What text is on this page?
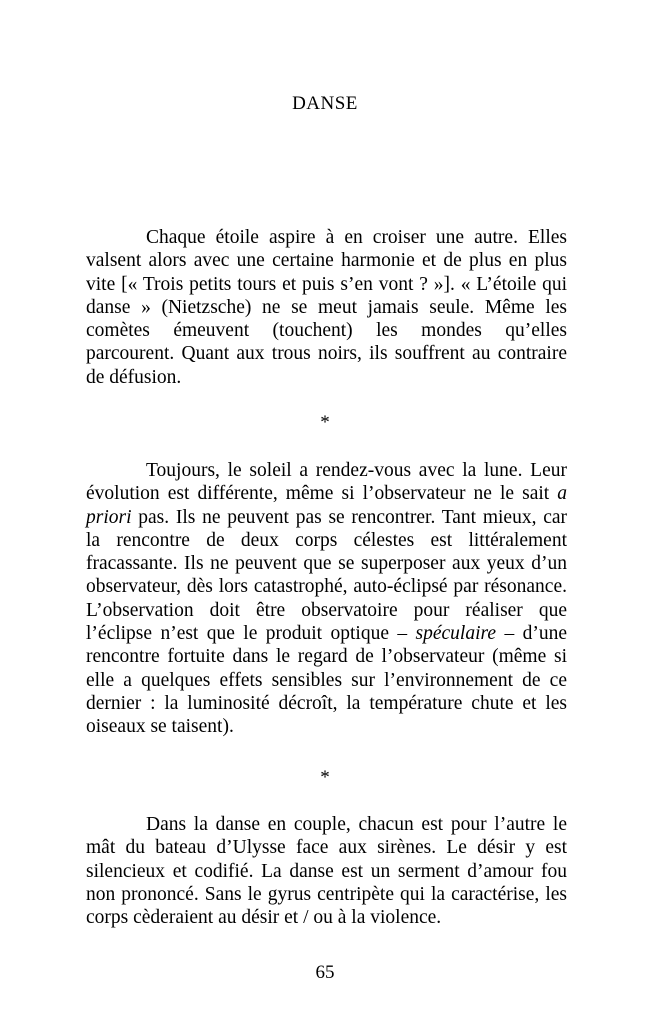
DANSE

Chaque étoile aspire à en croiser une autre. Elles valsent alors avec une certaine harmonie et de plus en plus vite [« Trois petits tours et puis s’en vont ? »]. « L’étoile qui danse » (Nietzsche) ne se meut jamais seule. Même les comètes émeuvent (touchent) les mondes qu’elles parcourent. Quant aux trous noirs, ils souffrent au contraire de défusion.

*

Toujours, le soleil a rendez-vous avec la lune. Leur évolution est différente, même si l’observateur ne le sait a priori pas. Ils ne peuvent pas se rencontrer. Tant mieux, car la rencontre de deux corps célestes est littéralement fracassante. Ils ne peuvent que se superposer aux yeux d’un observateur, dès lors catastrophé, auto-éclipsé par résonance. L’observation doit être observatoire pour réaliser que l’éclipse n’est que le produit optique – spéculaire – d’une rencontre fortuite dans le regard de l’observateur (même si elle a quelques effets sensibles sur l’environnement de ce dernier : la luminosité décroît, la température chute et les oiseaux se taisent).

*

Dans la danse en couple, chacun est pour l’autre le mât du bateau d’Ulysse face aux sirènes. Le désir y est silencieux et codifié. La danse est un serment d’amour fou non prononcé. Sans le gyrus centripète qui la caractérise, les corps cèderaient au désir et / ou à la violence.

65
